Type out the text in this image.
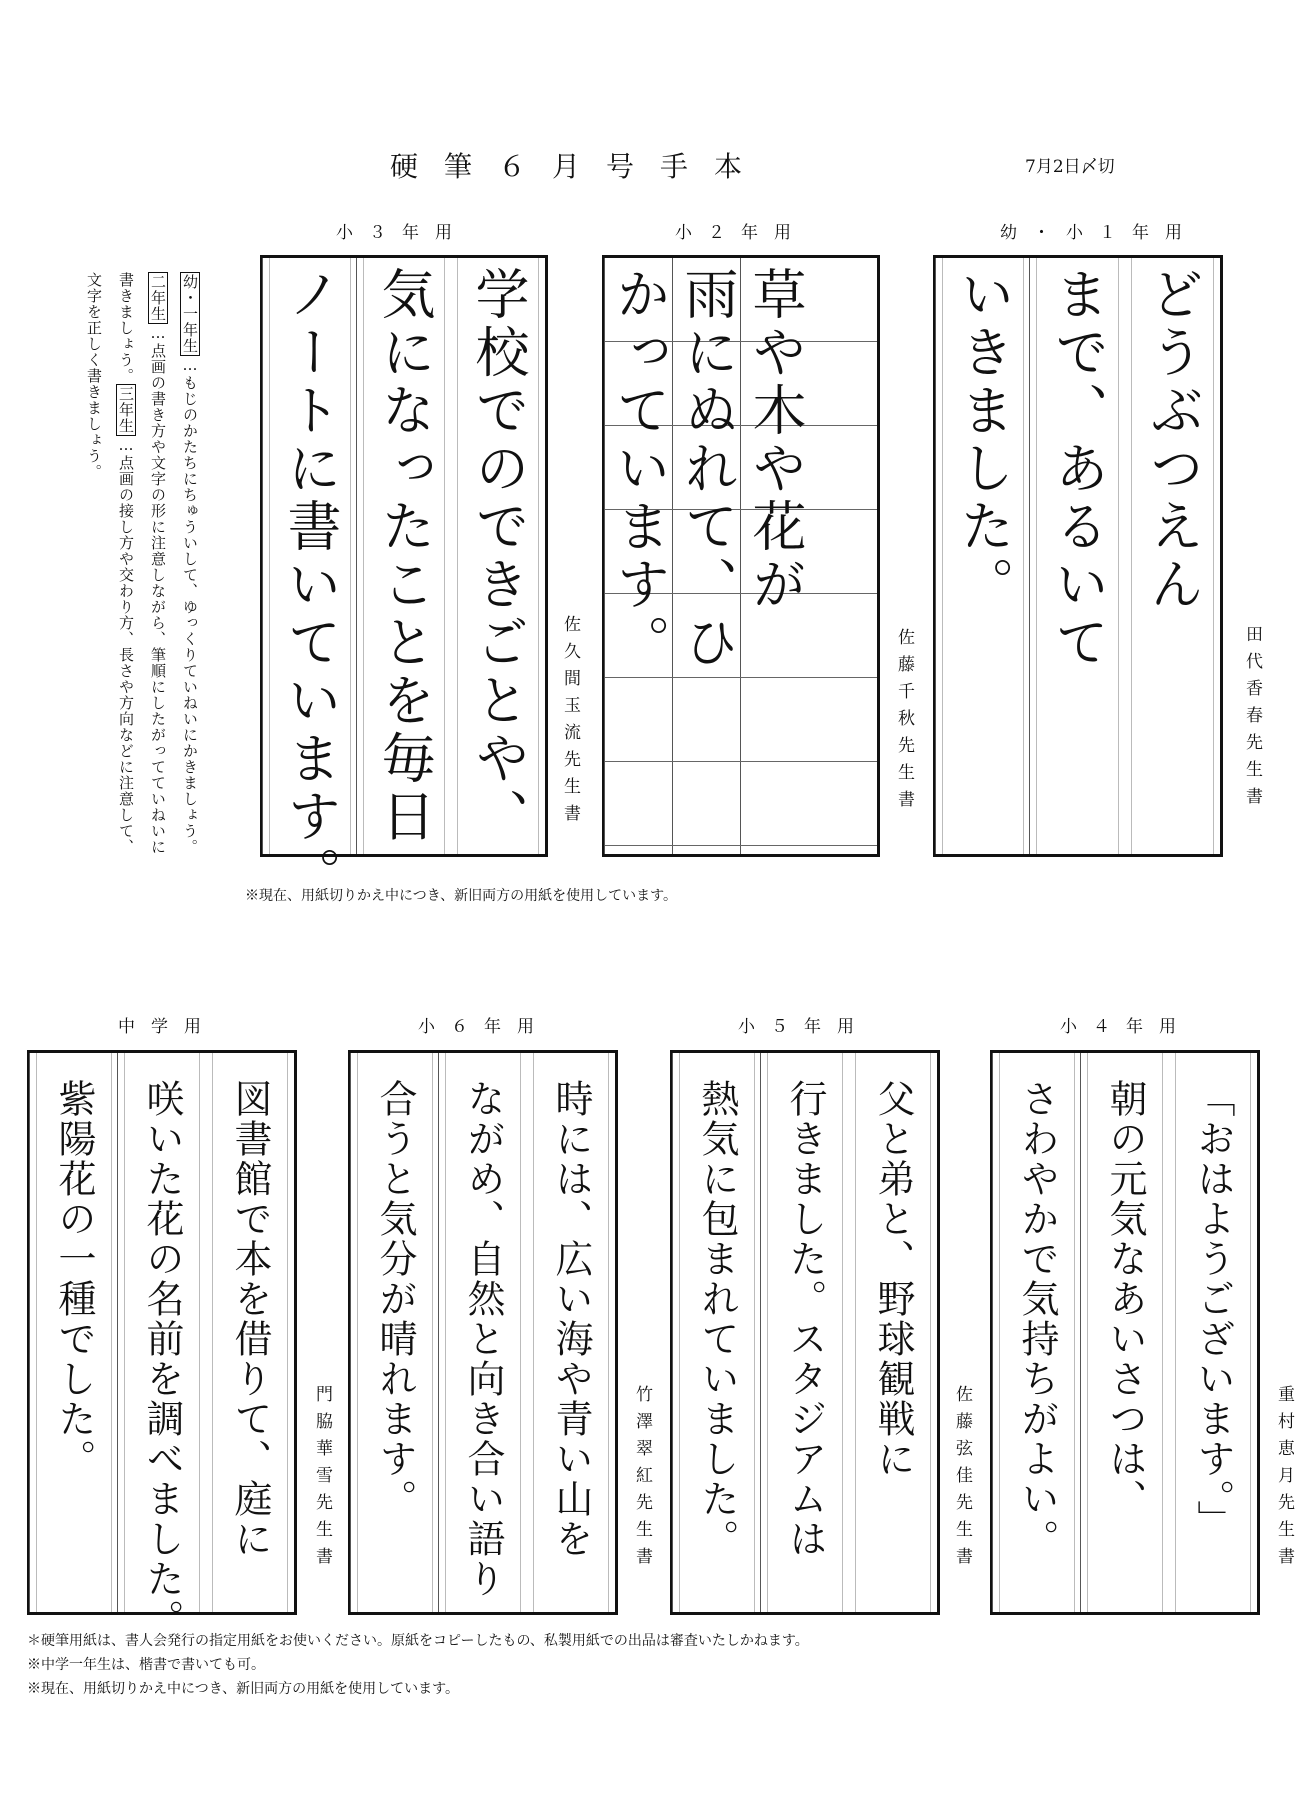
硬筆６月号手本	7月2日〆切
幼・一年生…もじのかたちにちゅういして、ゆっくりていねいにかきましょう。二年生…点画の書き方や文字の形に注意しながら、筆順にしたがってていねいに書きましょう。三年生…点画の接し方や交わり方、長さや方向などに注意して、文字を正しく書きましょう。
小３年用
学校でのできごとや、
気になったことを毎日
ノートに書いています。	佐久間玉流先生書
小２年用
草や木や花が
雨にぬれて、ひ
かっています。
佐藤千秋先生書
幼・小１年用
どうぶつえん
まで、あるいて
いきました。
田代香春先生書
※現在、用紙切りかえ中につき、新旧両方の用紙を使用しています。
中学用
図書館で本を借りて、庭に
咲いた花の名前を調べました。
紫陽花の一種でした。
門脇華雪先生書
小６年用
時には、広い海や青い山を
ながめ、自然と向き合い語り
合うと気分が晴れます。	竹澤翠紅先生書
小５年用
父と弟と、野球観戦に
行きました。スタジアムは
熱気に包まれていました。	佐藤弦佳先生書
小４年用
「おはようございます。」
朝の元気なあいさつは、
さわやかで気持ちがよい。	重村恵月先生書
＊硬筆用紙は、書人会発行の指定用紙をお使いください。原紙をコピーしたもの、私製用紙での出品は審査いたしかねます。
※中学一年生は、楷書で書いても可。
※現在、用紙切りかえ中につき、新旧両方の用紙を使用しています。
